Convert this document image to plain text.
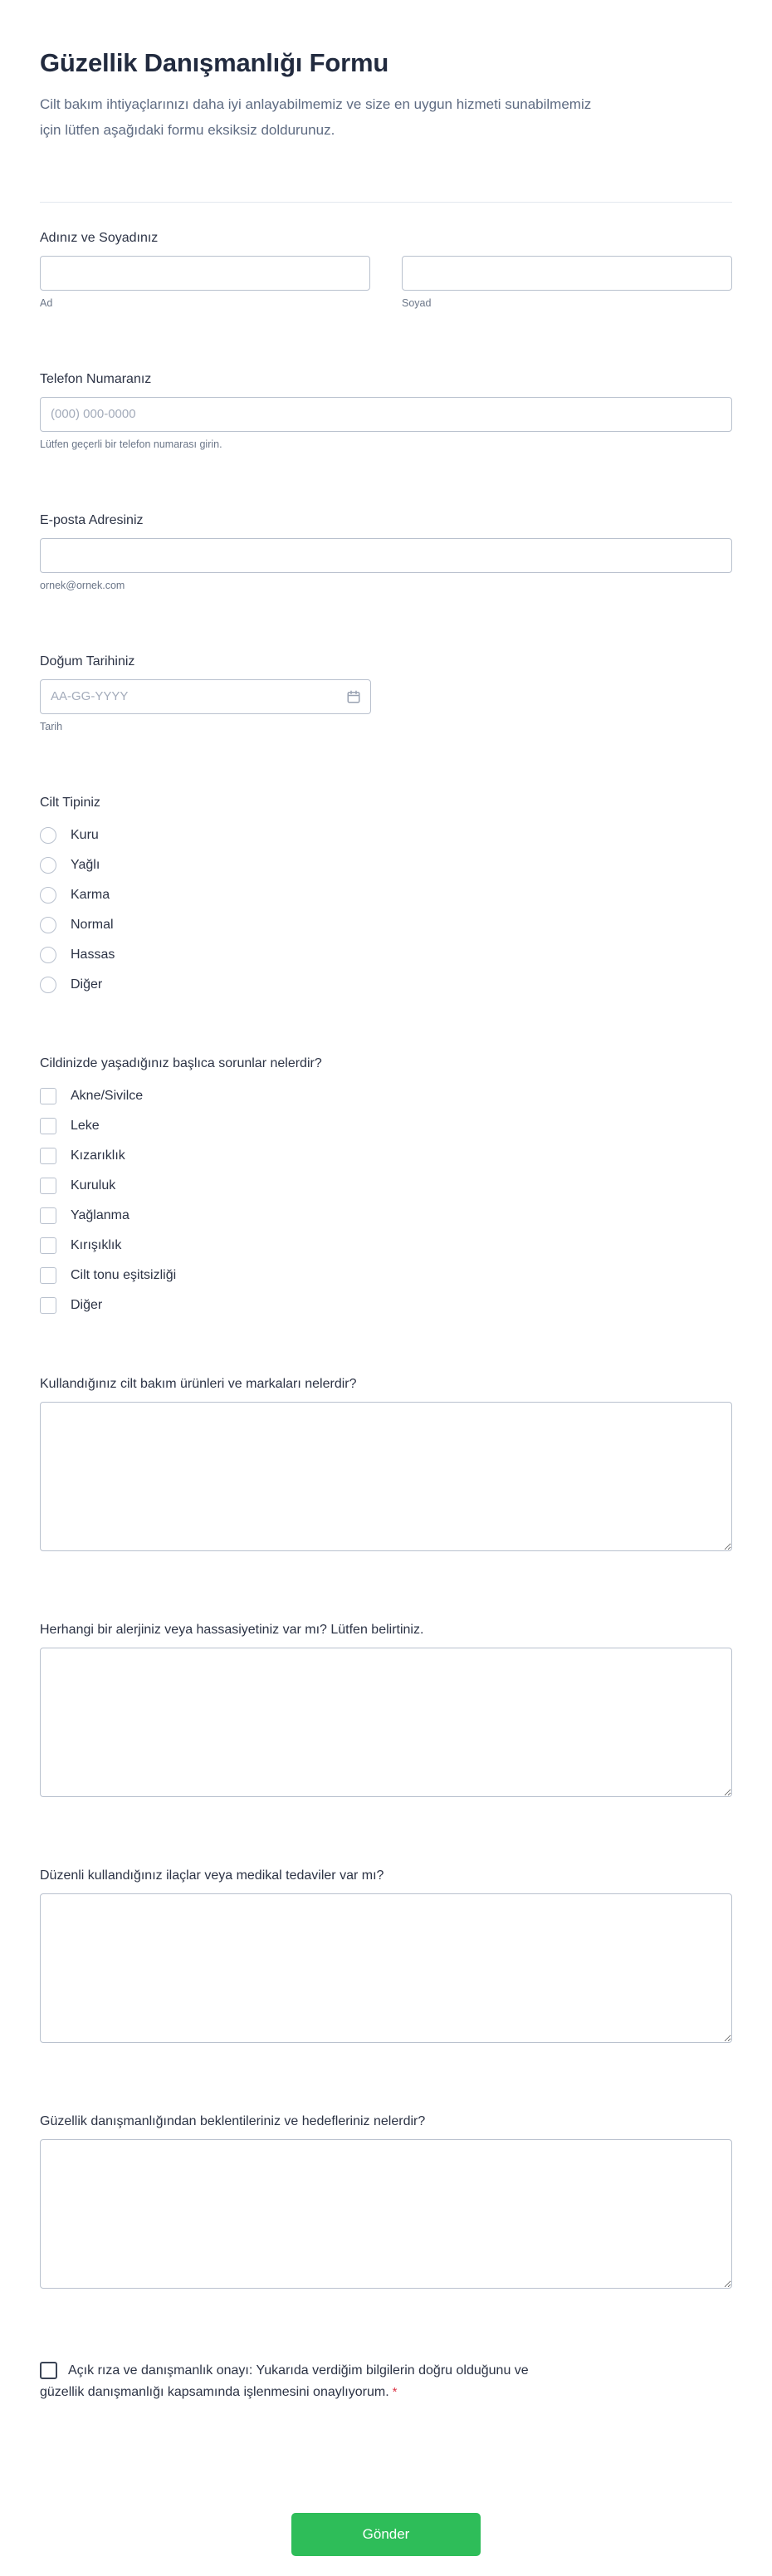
Güzellik Danışmanlığı Formu

Cilt bakım ihtiyaçlarınızı daha iyi anlayabilmemiz ve size en uygun hizmeti sunabilmemiz için lütfen aşağıdaki formu eksiksiz doldurunuz.

Adınız ve Soyadınız
Ad	Soyad
Telefon Numaranız
(000) 000-0000
Lütfen geçerli bir telefon numarası girin.
E-posta Adresiniz
ornek@ornek.com
Doğum Tarihiniz
AA-GG-YYYY
Tarih
Cilt Tipiniz
Kuru
Yağlı
Karma
Normal
Hassas
Diğer
Cildinizde yaşadığınız başlıca sorunlar nelerdir?
Akne/Sivilce
Leke
Kızarıklık
Kuruluk
Yağlanma
Kırışıklık
Cilt tonu eşitsizliği
Diğer
Kullandığınız cilt bakım ürünleri ve markaları nelerdir?
Herhangi bir alerjiniz veya hassasiyetiniz var mı? Lütfen belirtiniz.
Düzenli kullandığınız ilaçlar veya medikal tedaviler var mı?
Güzellik danışmanlığından beklentileriniz ve hedefleriniz nelerdir?
Açık rıza ve danışmanlık onayı: Yukarıda verdiğim bilgilerin doğru olduğunu ve güzellik danışmanlığı kapsamında işlenmesini onaylıyorum. *
Gönder
